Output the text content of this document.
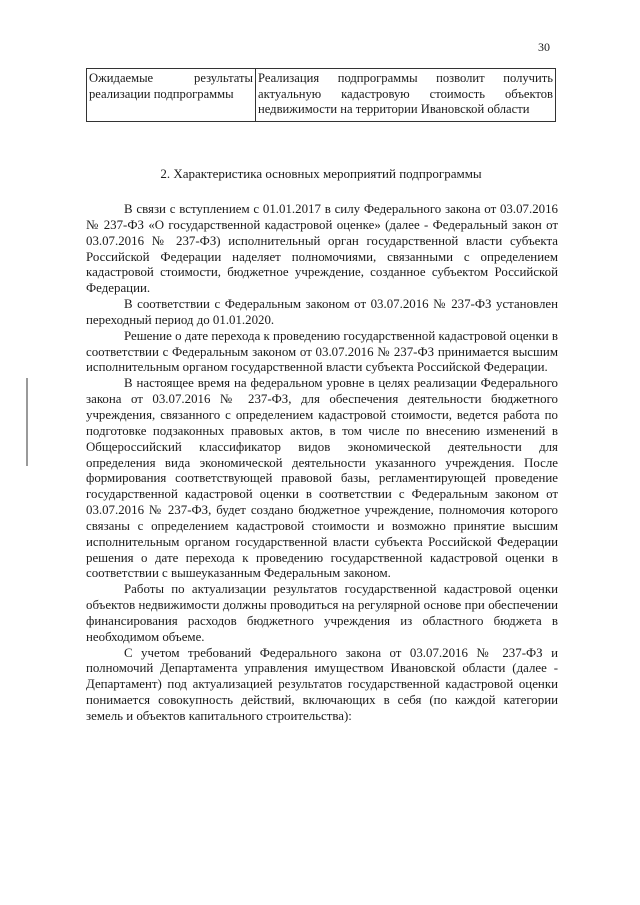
30
Ожидаемые результаты реализации подпрограммы	Реализация подпрограммы позволит получить актуальную кадастровую стоимость объектов недвижимости на территории Ивановской области
2. Характеристика основных мероприятий подпрограммы

В связи с вступлением с 01.01.2017 в силу Федерального закона от 03.07.2016 № 237-ФЗ «О государственной кадастровой оценке» (далее - Федеральный закон от 03.07.2016 № 237-ФЗ) исполнительный орган государственной власти субъекта Российской Федерации наделяет полномочиями, связанными с определением кадастровой стоимости, бюджетное учреждение, созданное субъектом Российской Федерации.

В соответствии с Федеральным законом от 03.07.2016 № 237-ФЗ установлен переходный период до 01.01.2020.

Решение о дате перехода к проведению государственной кадастровой оценки в соответствии с Федеральным законом от 03.07.2016 № 237-ФЗ принимается высшим исполнительным органом государственной власти субъекта Российской Федерации.

В настоящее время на федеральном уровне в целях реализации Федерального закона от 03.07.2016 № 237-ФЗ, для обеспечения деятельности бюджетного учреждения, связанного с определением кадастровой стоимости, ведется работа по подготовке подзаконных правовых актов, в том числе по внесению изменений в Общероссийский классификатор видов экономической деятельности для определения вида экономической деятельности указанного учреждения. После формирования соответствующей правовой базы, регламентирующей проведение государственной кадастровой оценки в соответствии с Федеральным законом от 03.07.2016 № 237-ФЗ, будет создано бюджетное учреждение, полномочия которого связаны с определением кадастровой стоимости и возможно принятие высшим исполнительным органом государственной власти субъекта Российской Федерации решения о дате перехода к проведению государственной кадастровой оценки в соответствии с вышеуказанным Федеральным законом.

Работы по актуализации результатов государственной кадастровой оценки объектов недвижимости должны проводиться на регулярной основе при обеспечении финансирования расходов бюджетного учреждения из областного бюджета в необходимом объеме.

С учетом требований Федерального закона от 03.07.2016 № 237-ФЗ и полномочий Департамента управления имуществом Ивановской области (далее - Департамент) под актуализацией результатов государственной кадастровой оценки понимается совокупность действий, включающих в себя (по каждой категории земель и объектов капитального строительства):
